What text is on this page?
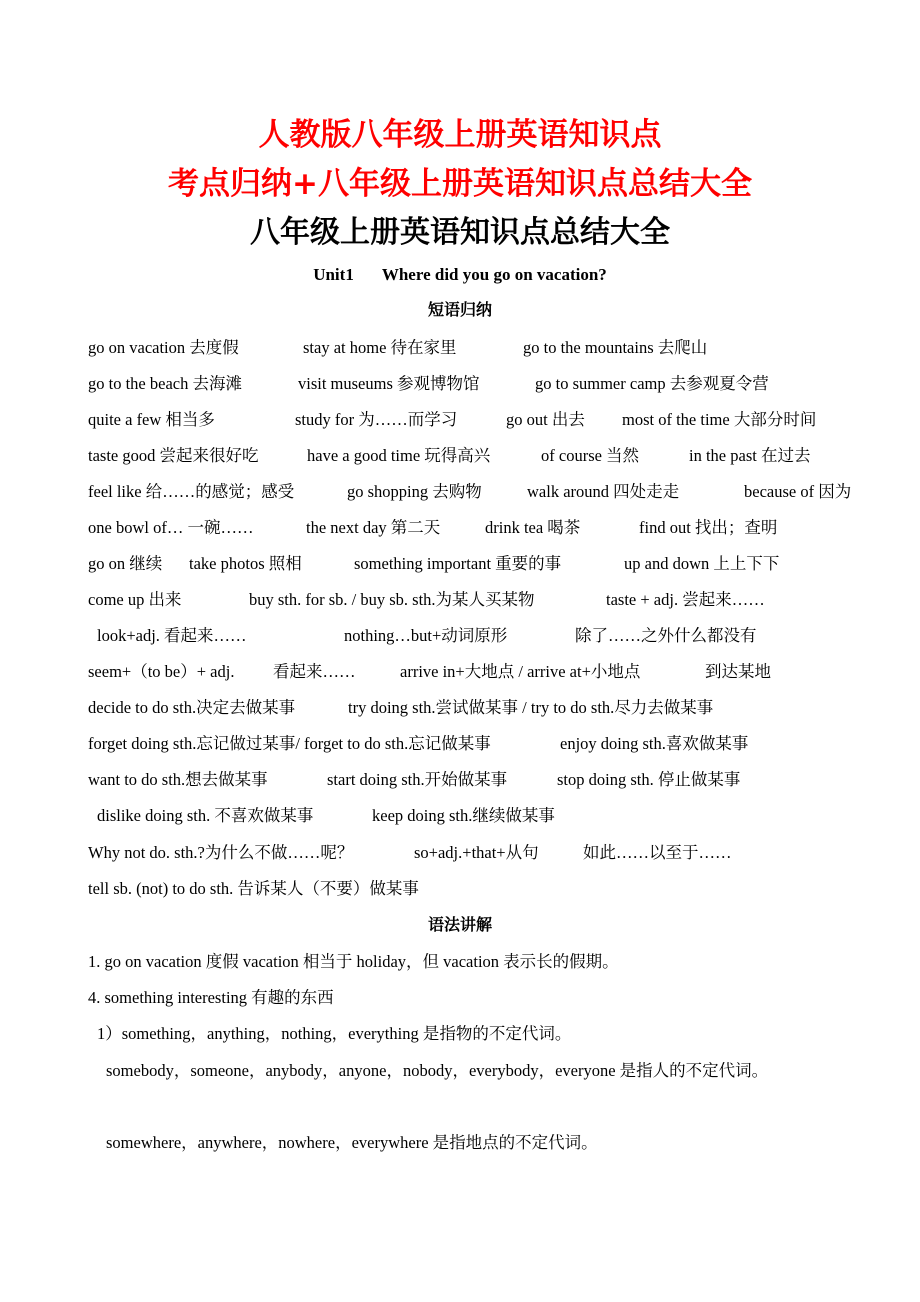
人教版八年级上册英语知识点
考点归纳+八年级上册英语知识点总结大全
八年级上册英语知识点总结大全
Unit1 Where did you go on vacation?
短语归纳
go on vacation 去度假	stay at home 待在家里	go to the mountains 去爬山
go to the beach 去海滩	visit museums 参观博物馆	go to summer camp 去参观夏令营
quite a few 相当多	study for 为……而学习	go out 出去 most of the time 大部分时间
taste good 尝起来很好吃	have a good time 玩得高兴	of course 当然	in the past 在过去
feel like 给……的感觉；感受	go shopping 去购物	walk around 四处走走	because of 因为
one bowl of… 一碗……	the next day 第二天	drink tea 喝茶	find out 找出；查明
go on 继续 take photos 照相	something important 重要的事	up and down 上上下下
come up 出来	buy sth. for sb. / buy sb. sth.为某人买某物	taste + adj. 尝起来……
look+adj. 看起来……	nothing…but+动词原形	除了……之外什么都没有
seem+（to be）+ adj. 看起来……	arrive in+大地点 / arrive at+小地点	到达某地
decide to do sth.决定去做某事	try doing sth.尝试做某事 / try to do sth.尽力去做某事
forget doing sth.忘记做过某事/ forget to do sth.忘记做某事	enjoy doing sth.喜欢做某事
want to do sth.想去做某事	start doing sth.开始做某事	stop doing sth. 停止做某事
dislike doing sth. 不喜欢做某事	keep doing sth.继续做某事
Why not do. sth.?为什么不做……呢？	so+adj.+that+从句	如此……以至于……
tell sb. (not) to do sth. 告诉某人（不要）做某事
语法讲解
1. go on vacation 度假 vacation 相当于 holiday，但 vacation 表示长的假期。
4. something interesting 有趣的东西
1）something，anything，nothing，everything 是指物的不定代词。
somebody，someone，anybody，anyone，nobody，everybody，everyone 是指人的不定代词。
somewhere，anywhere，nowhere，everywhere 是指地点的不定代词。
